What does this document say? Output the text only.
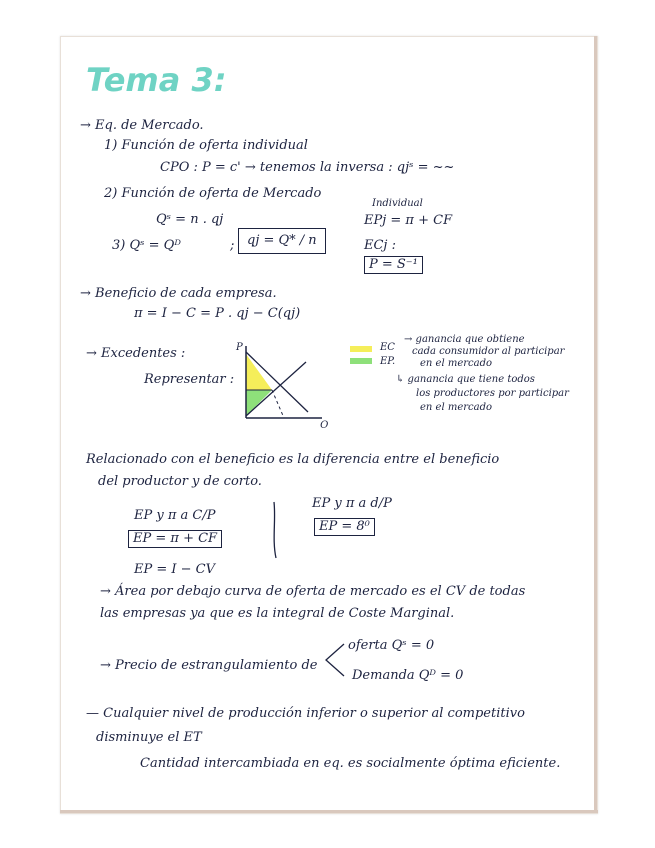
Tema 3:
→ Eq. de Mercado.
1) Función de oferta individual
CPO : P = c' → tenemos la inversa : qjˢ = ~~
2) Función de oferta de Mercado
Qˢ = n . qj
3) Qˢ = Qᴰ	; qj = Q* / n
Individual
EPj = π + CF
ECj :
P = S⁻¹
→ Beneficio de cada empresa.
π = I − C = P . qj − C(qj)
→ Excedentes :
Representar :
P
Q
EC
EP.
→ ganancia que obtiene
cada consumidor al participar
en el mercado
↳ ganancia que tiene todos
los productores por participar
en el mercado
Relacionado con el beneficio es la diferencia entre el beneficio
del productor y de corto.
EP y π a C/P
EP = π + CF
EP = I − CV
EP y π a d/P
EP = 8⁰
→ Área por debajo curva de oferta de mercado es el CV de todas
las empresas ya que es la integral de Coste Marginal.
→ Precio de estrangulamiento de
oferta Qˢ = 0
Demanda Qᴰ = 0
— Cualquier nivel de producción inferior o superior al competitivo
disminuye el ET
Cantidad intercambiada en eq. es socialmente óptima eficiente.
